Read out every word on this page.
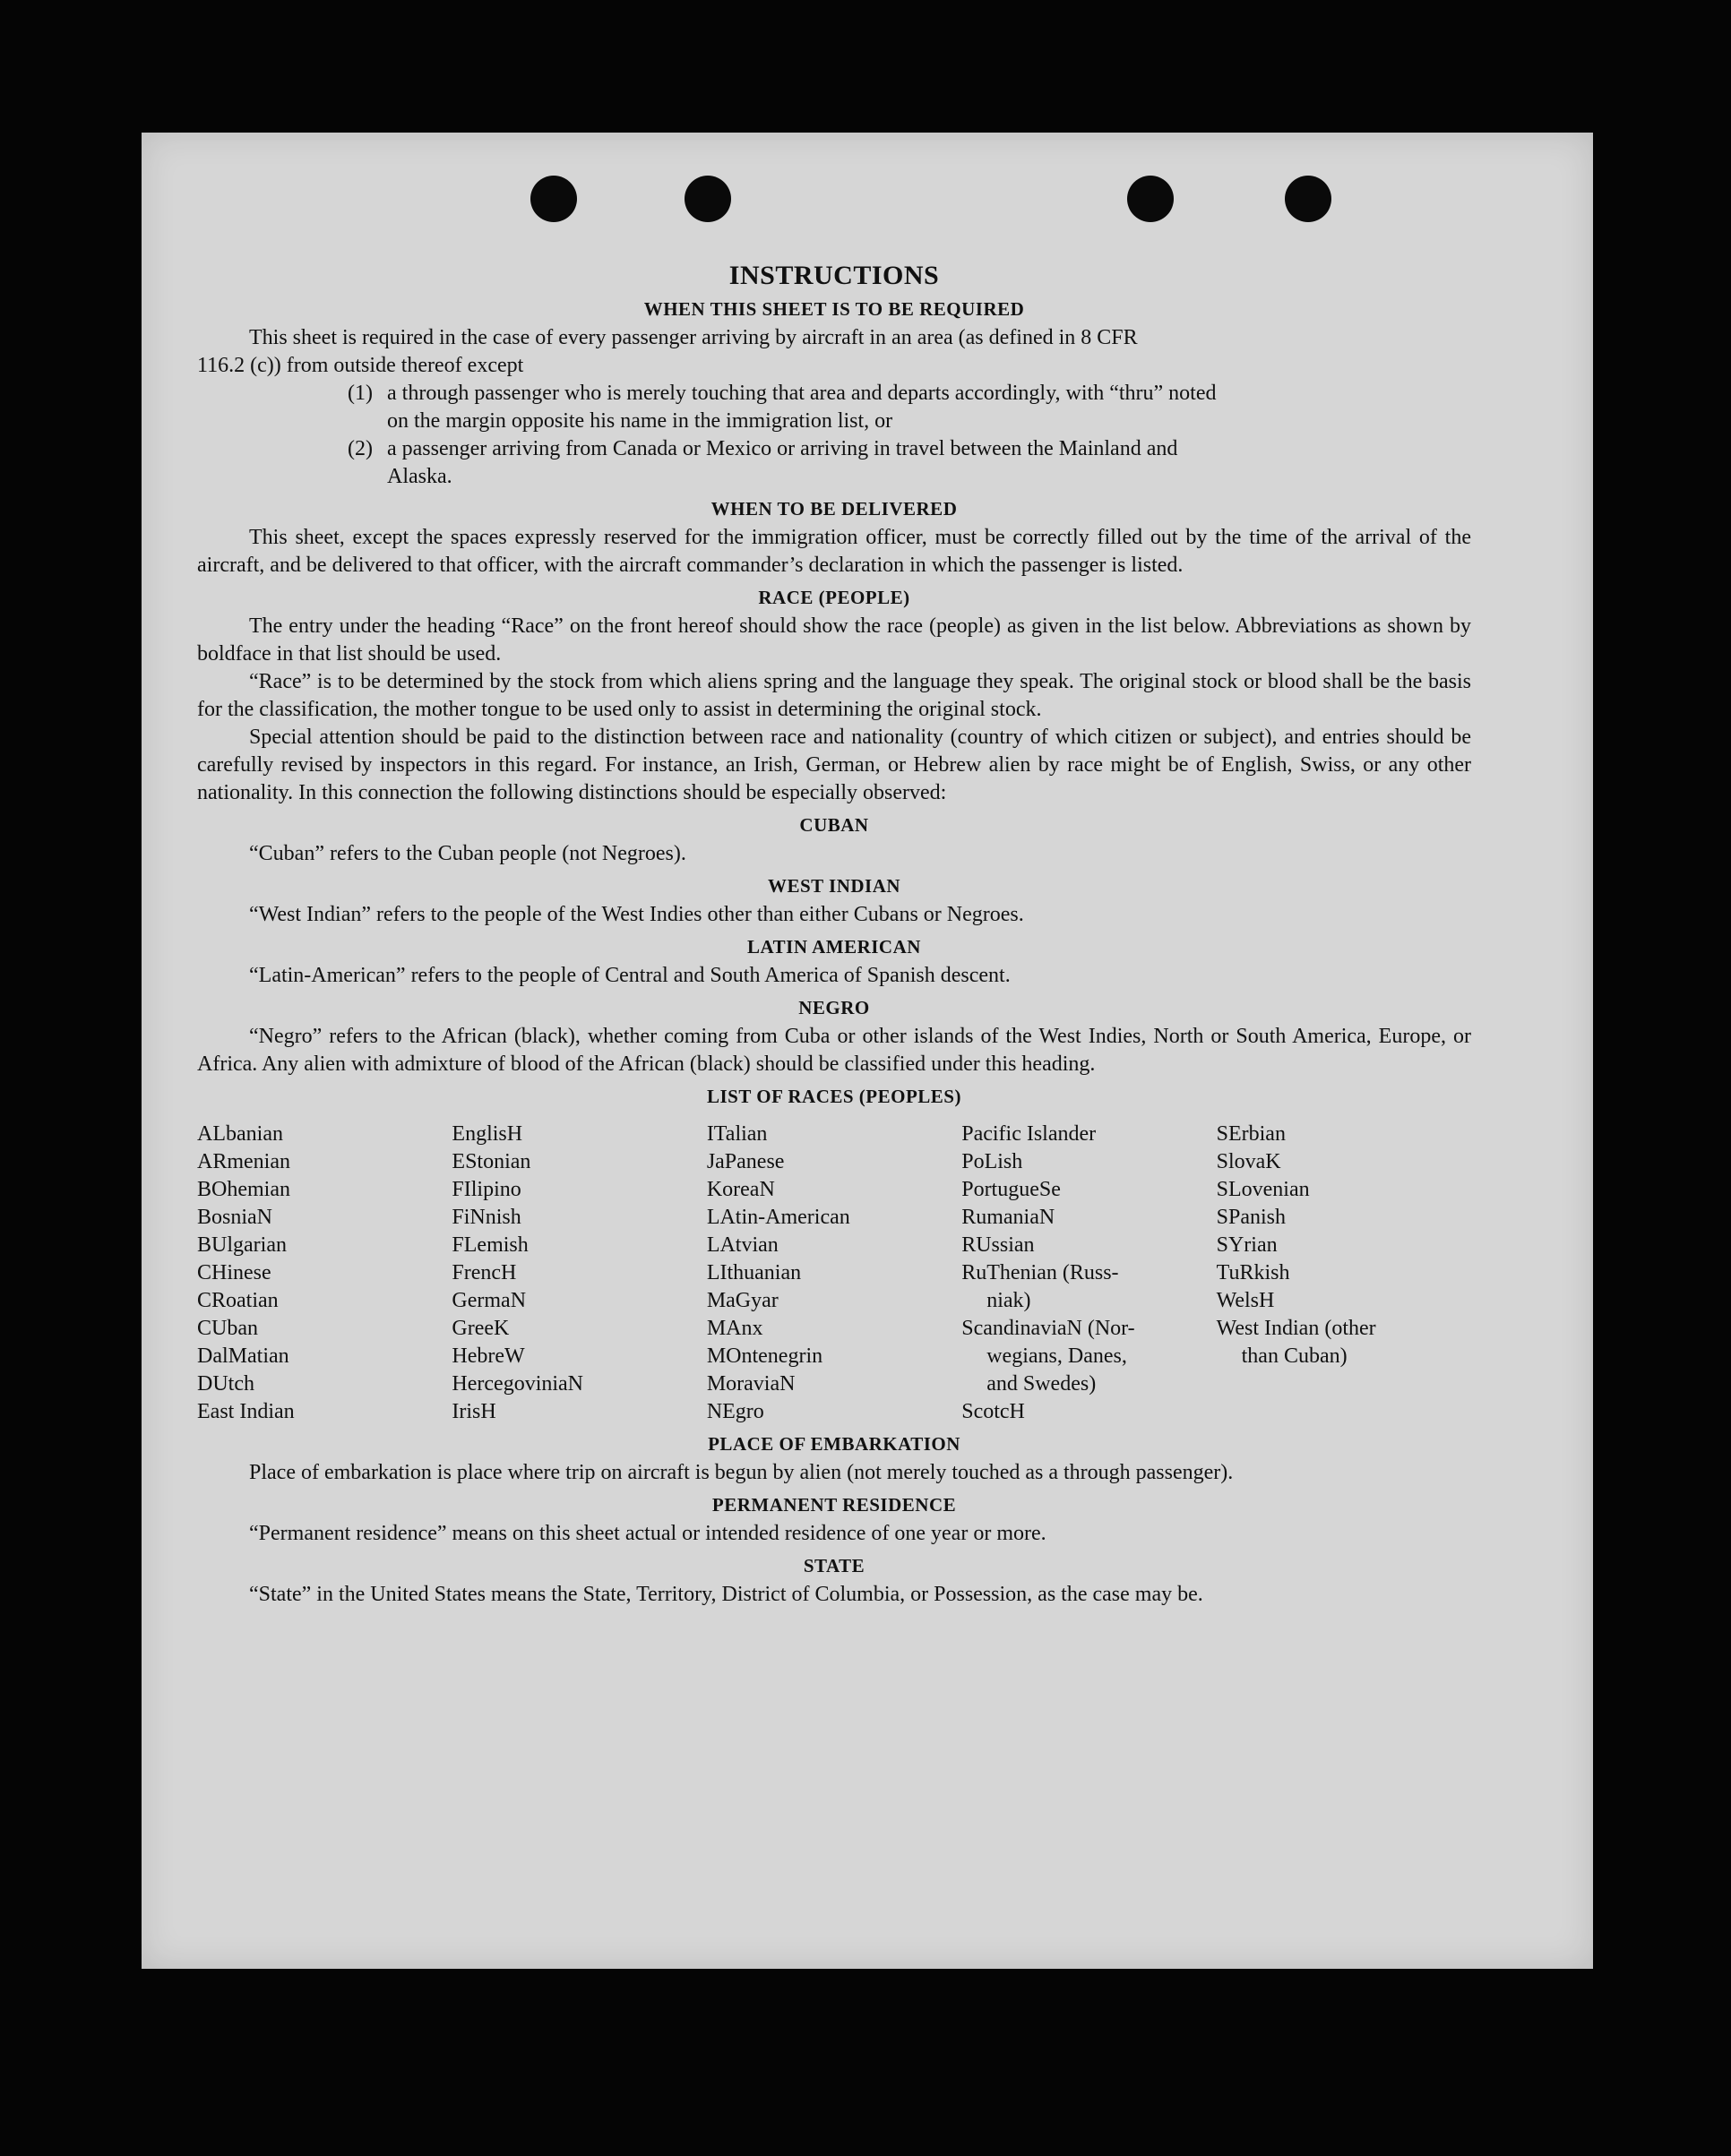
INSTRUCTIONS
WHEN THIS SHEET IS TO BE REQUIRED

This sheet is required in the case of every passenger arriving by aircraft in an area (as defined in 8 CFR

116.2 (c)) from outside thereof except

(1) a through passenger who is merely touching that area and departs accordingly, with “thru” noted
on the margin opposite his name in the immigration list, or
(2) a passenger arriving from Canada or Mexico or arriving in travel between the Mainland and
Alaska.
WHEN TO BE DELIVERED

This sheet, except the spaces expressly reserved for the immigration officer, must be correctly filled out by the time of the arrival of the aircraft, and be delivered to that officer, with the aircraft commander’s declaration in which the passenger is listed.

RACE (PEOPLE)

The entry under the heading “Race” on the front hereof should show the race (people) as given in the list below. Abbreviations as shown by boldface in that list should be used.

“Race” is to be determined by the stock from which aliens spring and the language they speak. The original stock or blood shall be the basis for the classification, the mother tongue to be used only to assist in determining the original stock.

Special attention should be paid to the distinction between race and nationality (country of which citizen or subject), and entries should be carefully revised by inspectors in this regard. For instance, an Irish, German, or Hebrew alien by race might be of English, Swiss, or any other nationality. In this connection the following distinctions should be especially observed:

CUBAN

“Cuban” refers to the Cuban people (not Negroes).

WEST INDIAN

“West Indian” refers to the people of the West Indies other than either Cubans or Negroes.

LATIN AMERICAN

“Latin-American” refers to the people of Central and South America of Spanish descent.

NEGRO

“Negro” refers to the African (black), whether coming from Cuba or other islands of the West Indies, North or South America, Europe, or Africa. Any alien with admixture of blood of the African (black) should be classified under this heading.

LIST OF RACES (PEOPLES)
ALbanian
ARmenian
BOhemian
BosniaN
BUlgarian
CHinese
CRoatian
CUban
DalMatian
DUtch
East Indian
EnglisH
EStonian
FIlipino
FiNnish
FLemish
FrencH
GermaN
GreeK
HebreW
HercegoviniaN
IrisH
ITalian
JaPanese
KoreaN
LAtin-American
LAtvian
LIthuanian
MaGyar
MAnx
MOntenegrin
MoraviaN
NEgro
Pacific Islander
PoLish
PortugueSe
RumaniaN
RUssian
RuThenian (Russ-
niak)
ScandinaviaN (Nor-
wegians, Danes,
and Swedes)
ScotcH
SErbian
SlovaK
SLovenian
SPanish
SYrian
TuRkish
WelsH
West Indian (other
than Cuban)
PLACE OF EMBARKATION

Place of embarkation is place where trip on aircraft is begun by alien (not merely touched as a through passenger).

PERMANENT RESIDENCE

“Permanent residence” means on this sheet actual or intended residence of one year or more.

STATE

“State” in the United States means the State, Territory, District of Columbia, or Possession, as the case may be.
